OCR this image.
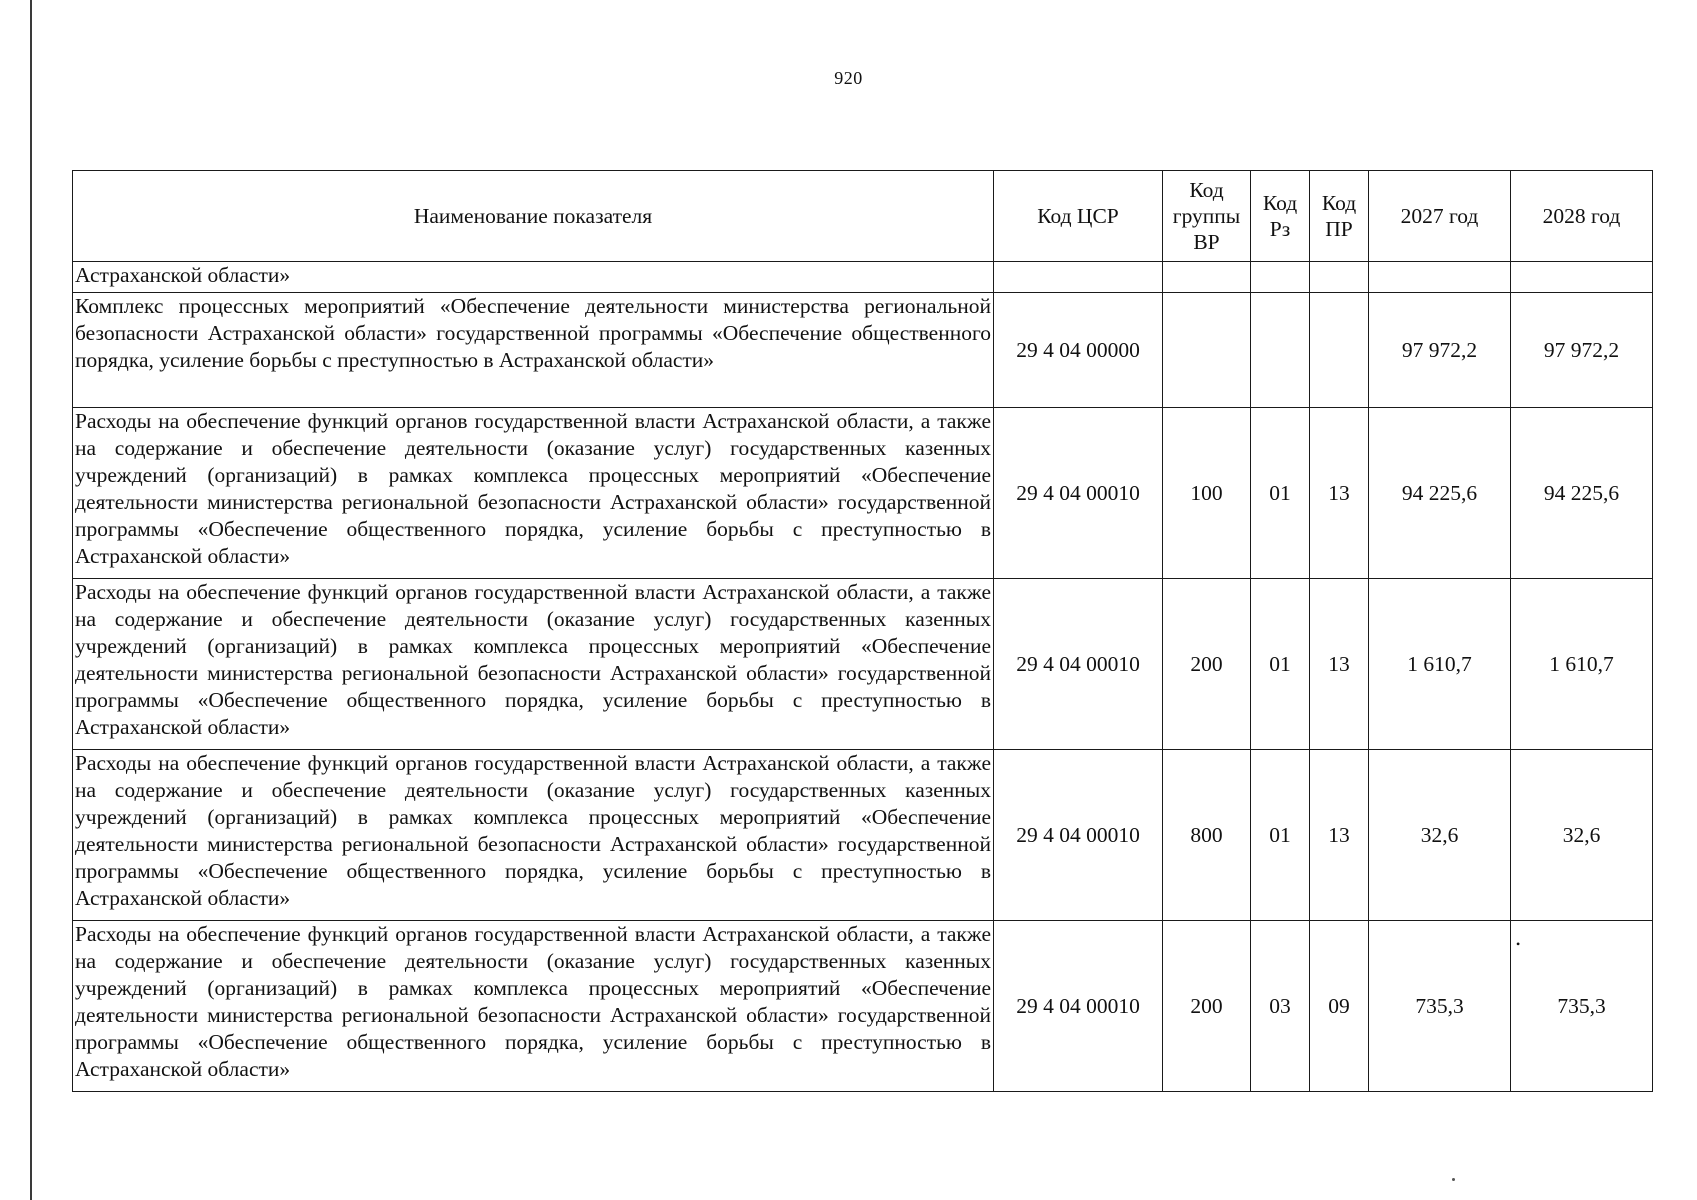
920
Наименование показателя	Код ЦСР	Код группы ВР	Код Рз	Код ПР	2027 год	2028 год
Астраханской области»						
Комплекс процессных мероприятий «Обеспечение деятельности министерства региональной безопасности Астраханской области» государственной программы «Обеспечение общественного порядка, усиление борьбы с преступностью в Астраханской области»	29 4 04 00000				97 972,2	97 972,2
Расходы на обеспечение функций органов государственной власти Астраханской области, а также на содержание и обеспечение деятельности (оказание услуг) государственных казенных учреждений (организаций) в рамках комплекса процессных мероприятий «Обеспечение деятельности министерства региональной безопасности Астраханской области» государственной программы «Обеспечение общественного порядка, усиление борьбы с преступностью в Астраханской области»	29 4 04 00010	100	01	13	94 225,6	94 225,6
Расходы на обеспечение функций органов государственной власти Астраханской области, а также на содержание и обеспечение деятельности (оказание услуг) государственных казенных учреждений (организаций) в рамках комплекса процессных мероприятий «Обеспечение деятельности министерства региональной безопасности Астраханской области» государственной программы «Обеспечение общественного порядка, усиление борьбы с преступностью в Астраханской области»	29 4 04 00010	200	01	13	1 610,7	1 610,7
Расходы на обеспечение функций органов государственной власти Астраханской области, а также на содержание и обеспечение деятельности (оказание услуг) государственных казенных учреждений (организаций) в рамках комплекса процессных мероприятий «Обеспечение деятельности министерства региональной безопасности Астраханской области» государственной программы «Обеспечение общественного порядка, усиление борьбы с преступностью в Астраханской области»	29 4 04 00010	800	01	13	32,6	32,6
Расходы на обеспечение функций органов государственной власти Астраханской области, а также на содержание и обеспечение деятельности (оказание услуг) государственных казенных учреждений (организаций) в рамках комплекса процессных мероприятий «Обеспечение деятельности министерства региональной безопасности Астраханской области» государственной программы «Обеспечение общественного порядка, усиление борьбы с преступностью в Астраханской области»	29 4 04 00010	200	03	09	735,3	735,3
•
